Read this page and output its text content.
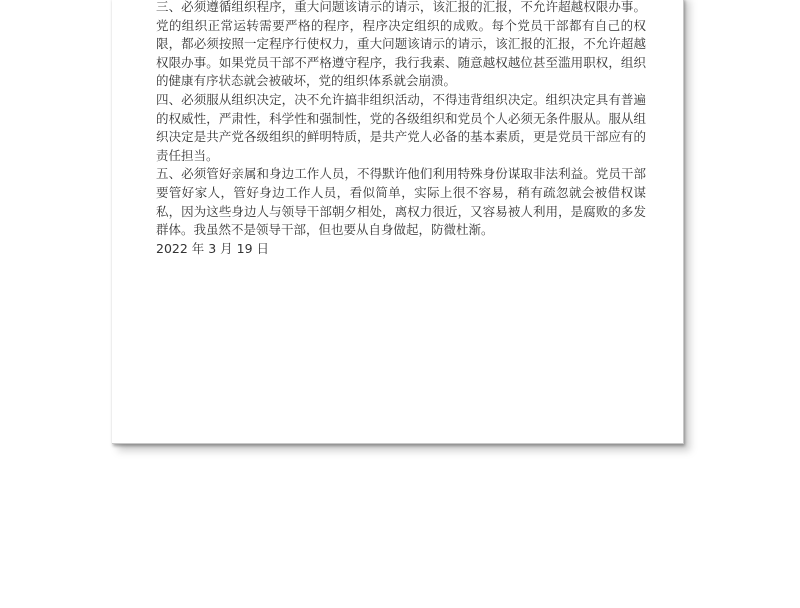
三、必须遵循组织程序，重大问题该请示的请示，该汇报的汇报，不允许超越权限办事。党的组织正常运转需要严格的程序，程序决定组织的成败。每个党员干部都有自己的权限，都必须按照一定程序行使权力，重大问题该请示的请示，该汇报的汇报，不允许超越权限办事。如果党员干部不严格遵守程序，我行我素、随意越权越位甚至滥用职权，组织的健康有序状态就会被破坏，党的组织体系就会崩溃。

四、必须服从组织决定，决不允许搞非组织活动，不得违背组织决定。组织决定具有普遍的权威性，严肃性，科学性和强制性，党的各级组织和党员个人必须无条件服从。服从组织决定是共产党各级组织的鲜明特质，是共产党人必备的基本素质，更是党员干部应有的责任担当。

五、必须管好亲属和身边工作人员，不得默许他们利用特殊身份谋取非法利益。党员干部要管好家人，管好身边工作人员，看似简单，实际上很不容易，稍有疏忽就会被借权谋私，因为这些身边人与领导干部朝夕相处，离权力很近，又容易被人利用，是腐败的多发群体。我虽然不是领导干部，但也要从自身做起，防微杜渐。

2022 年 3 月 19 日
